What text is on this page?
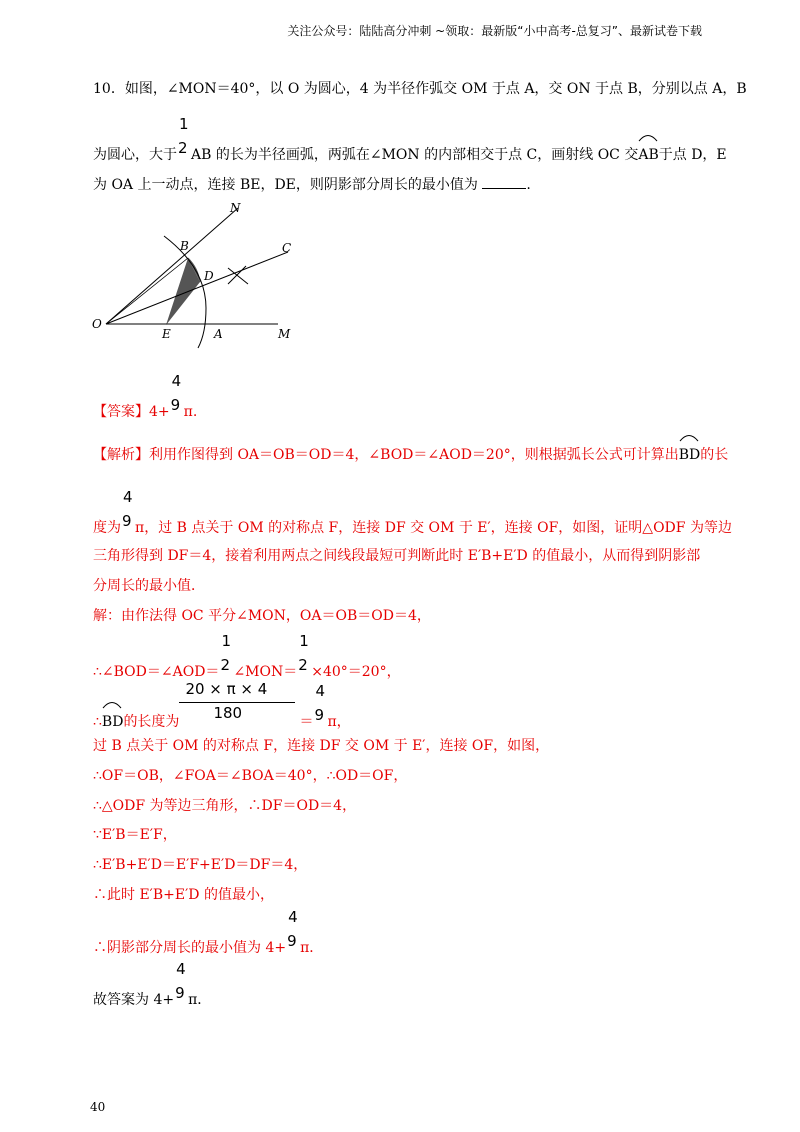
关注公众号：陆陆高分冲刺 ~领取：最新版“小中高考-总复习”、最新试卷下载
10．如图，∠MON＝40°，以 O 为圆心，4 为半径作弧交 OM 于点 A，交 ON 于点 B，分别以点 A，B
为圆心，大于
1
2 AB 的长为半径画弧，两弧在∠MON 的内部相交于点 C，画射线 OC 交
AB于点 D，E
为 OA 上一动点，连接 BE，DE，则阴影部分周长的最小值为	.
N
B	C
D
O
E	A	M
【答案】4+
4
9 π.
【解析】利用作图得到 OA＝OB＝OD＝4，∠BOD＝∠AOD＝20°，则根据弧长公式可计算出
BD的长
度为
4
9 π，过 B 点关于 OM 的对称点 F，连接 DF 交 OM 于 E′，连接 OF，如图，证明△ODF 为等边
三角形得到 DF＝4，接着利用两点之间线段最短可判断此时 E′B+E′D 的值最小，从而得到阴影部
分周长的最小值．
解：由作法得 OC 平分∠MON，OA＝OB＝OD＝4，
∴∠BOD＝∠AOD＝
1
2 ∠MON＝
1
2 ×40°＝20°，
∴
BD的长度为 $\frac{20 \times \pi \times 4}{180}$ ＝
4
9 π，
过 B 点关于 OM 的对称点 F，连接 DF 交 OM 于 E′，连接 OF，如图，
∴OF＝OB，∠FOA＝∠BOA＝40°，∴OD＝OF，
∴△ODF 为等边三角形，∴DF＝OD＝4，
∵E′B＝E′F，
∴E′B+E′D＝E′F+E′D＝DF＝4，
∴此时 E′B+E′D 的值最小，
∴阴影部分周长的最小值为 4+
4
9 π．
故答案为 4+
4
9 π．
40
